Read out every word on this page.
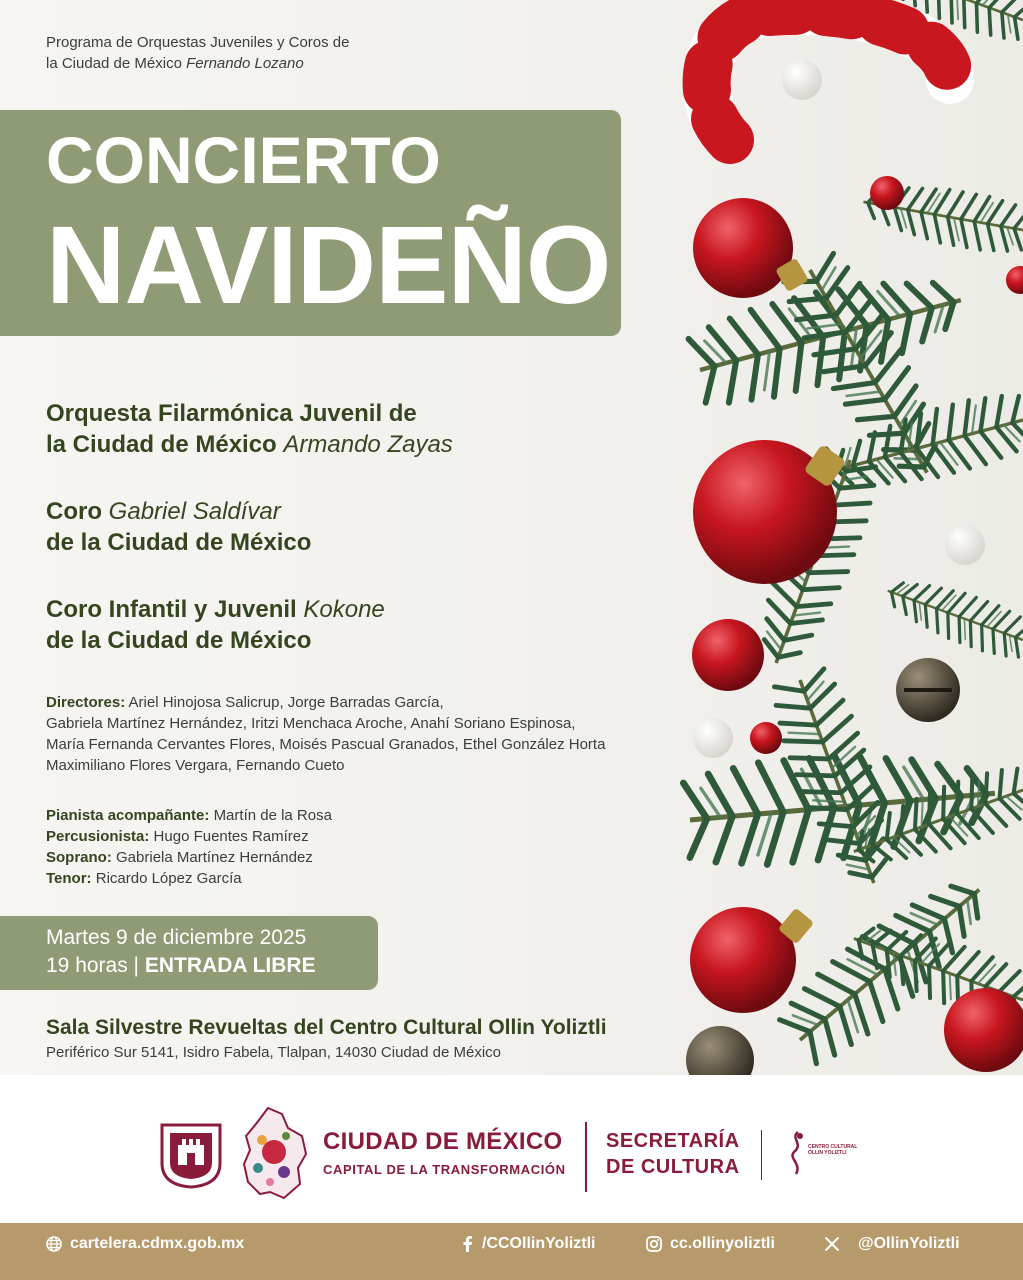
Programa de Orquestas Juveniles y Coros de
la Ciudad de México Fernando Lozano
CONCIERTO
NAVIDEÑO
Orquesta Filarmónica Juvenil de
la Ciudad de México Armando Zayas
Coro Gabriel Saldívar
de la Ciudad de México
Coro Infantil y Juvenil Kokone
de la Ciudad de México
Directores: Ariel Hinojosa Salicrup, Jorge Barradas García,
Gabriela Martínez Hernández, Iritzi Menchaca Aroche, Anahí Soriano Espinosa,
María Fernanda Cervantes Flores, Moisés Pascual Granados, Ethel González Horta
Maximiliano Flores Vergara, Fernando Cueto
Pianista acompañante: Martín de la Rosa
Percusionista: Hugo Fuentes Ramírez
Soprano: Gabriela Martínez Hernández
Tenor: Ricardo López García
Martes 9 de diciembre 2025
19 horas | ENTRADA LIBRE
Sala Silvestre Revueltas del Centro Cultural Ollin Yoliztli
Periférico Sur 5141, Isidro Fabela, Tlalpan, 14030 Ciudad de México
CIUDAD DE MÉXICO
CAPITAL DE LA TRANSFORMACIÓN
SECRETARÍA
DE CULTURA
CENTRO CULTURAL
OLLIN YOLIZTLI
cartelera.cdmx.gob.mx	/CCOllinYoliztli	cc.ollinyoliztli	@OllinYoliztli
